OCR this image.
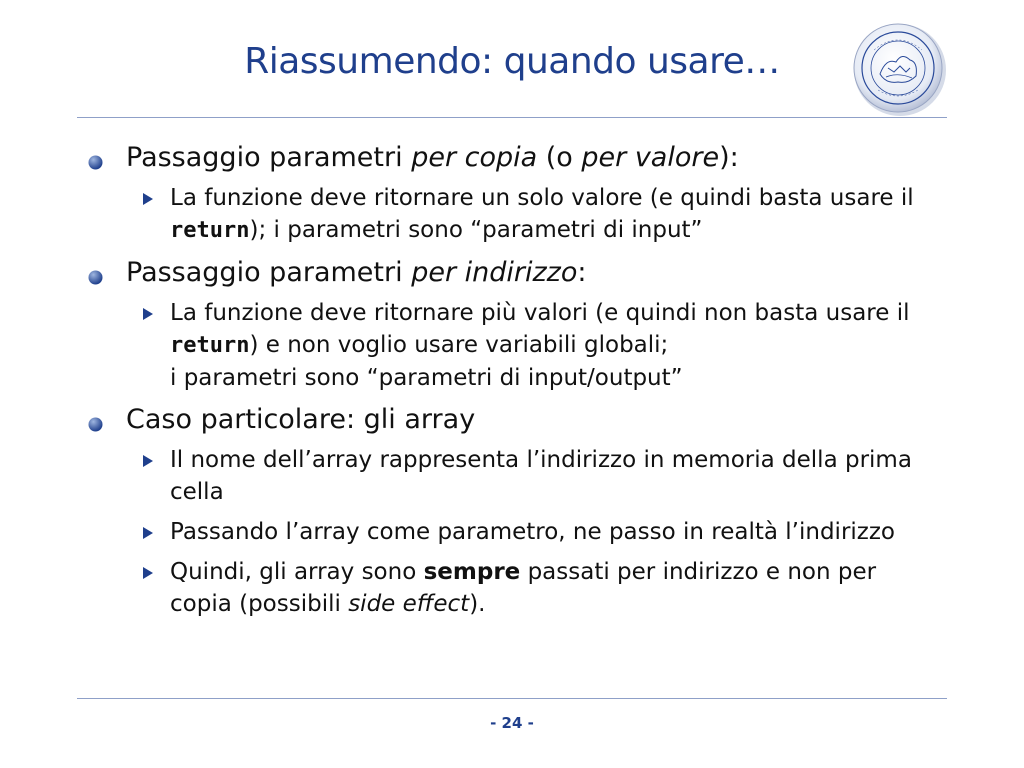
Riassumendo: quando usare…
Passaggio parametri per copia (o per valore):
La funzione deve ritornare un solo valore (e quindi basta usare il return); i parametri sono “parametri di input”
Passaggio parametri per indirizzo:
La funzione deve ritornare più valori (e quindi non basta usare il return) e non voglio usare variabili globali;
i parametri sono “parametri di input/output”
Caso particolare: gli array
Il nome dell’array rappresenta l’indirizzo in memoria della prima cella
Passando l’array come parametro, ne passo in realtà l’indirizzo
Quindi, gli array sono sempre passati per indirizzo e non per copia (possibili side effect).
- 24 -
